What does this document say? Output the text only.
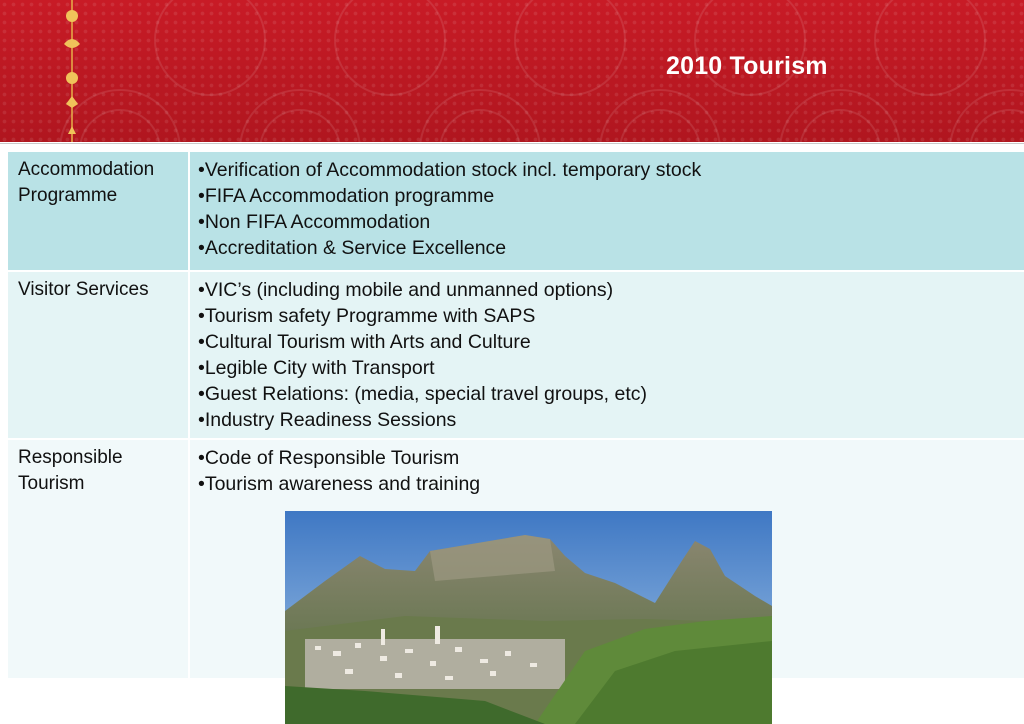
2010 Tourism
Accommodation Programme
•Verification of Accommodation stock incl. temporary stock
•FIFA Accommodation programme
•Non FIFA Accommodation
•Accreditation & Service Excellence
Visitor Services	•VIC’s (including mobile and unmanned options)
•Tourism safety Programme with SAPS
•Cultural Tourism with Arts and Culture
•Legible City with Transport
•Guest Relations: (media, special travel groups, etc)
•Industry Readiness Sessions
Responsible Tourism
•Code of Responsible Tourism
•Tourism awareness and training
